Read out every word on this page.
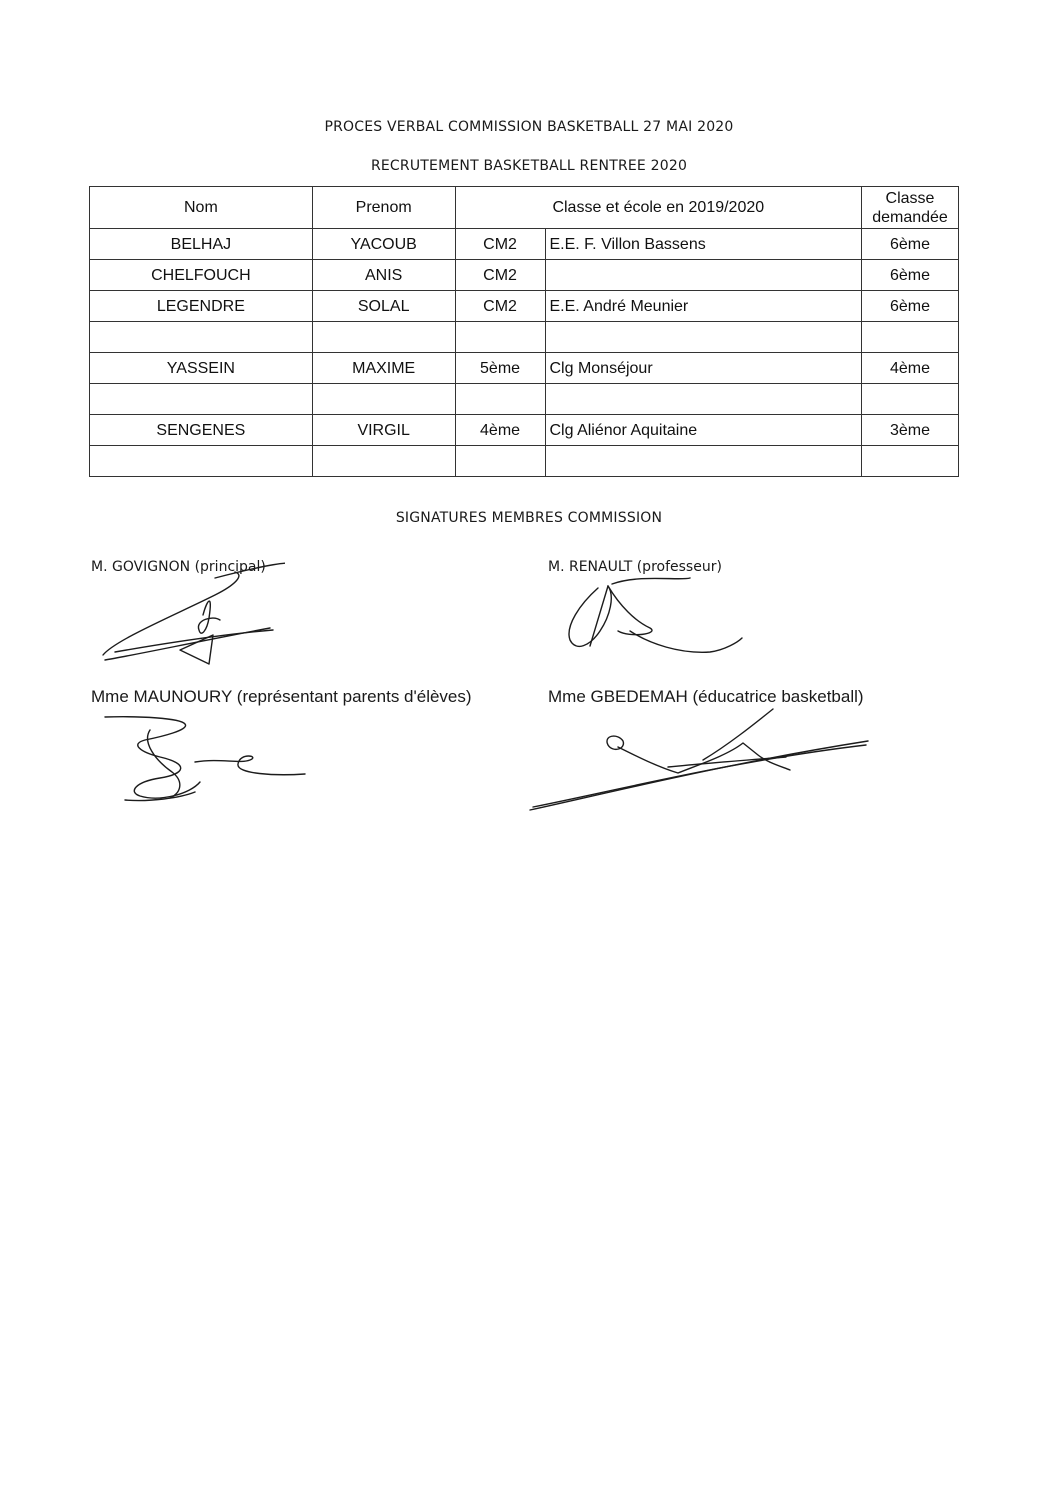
PROCES VERBAL COMMISSION BASKETBALL 27 MAI 2020
RECRUTEMENT BASKETBALL RENTREE 2020
Nom	Prenom	Classe et école en 2019/2020		Classe demandée
BELHAJ	YACOUB	CM2	E.E. F. Villon Bassens	6ème
CHELFOUCH	ANIS	CM2		6ème
LEGENDRE	SOLAL	CM2	E.E. André Meunier	6ème

YASSEIN	MAXIME	5ème	Clg Monséjour	4ème

SENGENES	VIRGIL	4ème	Clg Aliénor Aquitaine	3ème

SIGNATURES MEMBRES COMMISSION
M. GOVIGNON (principal)	M. RENAULT (professeur)
Mme MAUNOURY (représentant parents d'élèves)	Mme GBEDEMAH (éducatrice basketball)
